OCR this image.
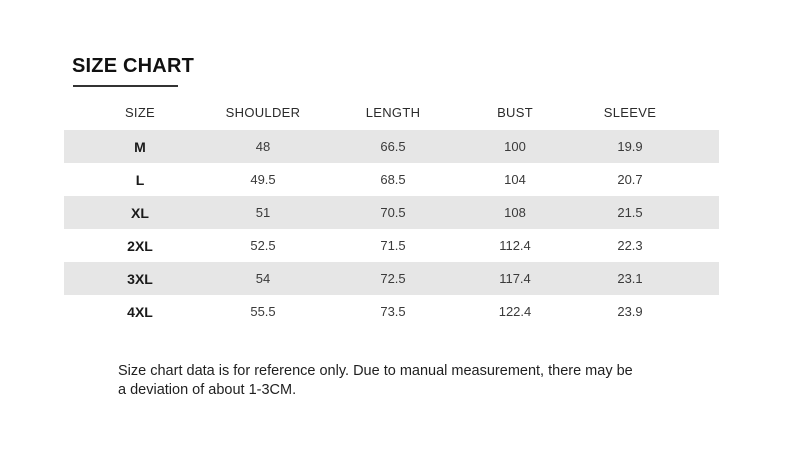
SIZE CHART
SIZE	SHOULDER	LENGTH	BUST	SLEEVE
M	48	66.5	100	19.9
L	49.5	68.5	104	20.7
XL	51	70.5	108	21.5
2XL	52.5	71.5	112.4	22.3
3XL	54	72.5	117.4	23.1
4XL	55.5	73.5	122.4	23.9
Size chart data is for reference only. Due to manual measurement, there may be a deviation of about 1-3CM.
